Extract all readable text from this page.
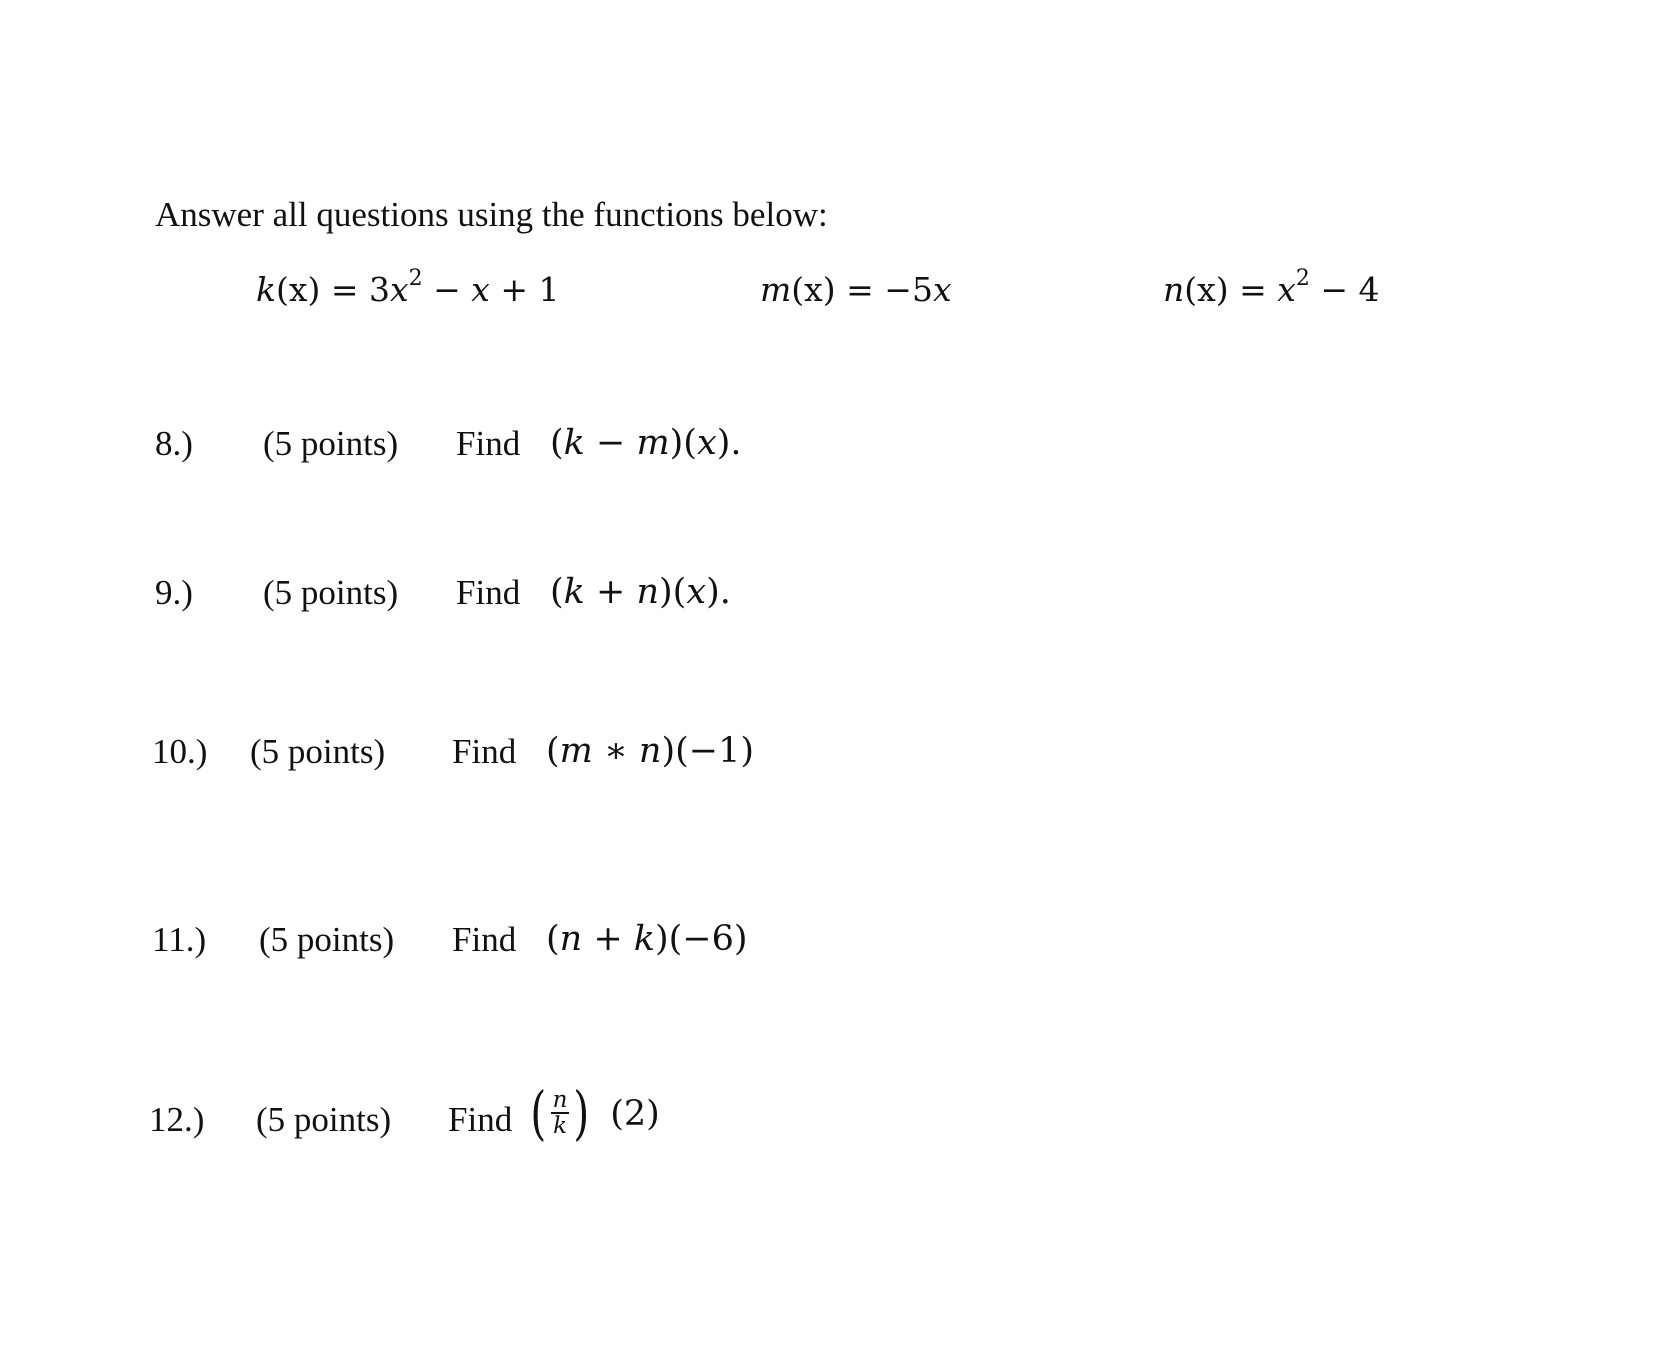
Answer all questions using the functions below:
$k(x) = 3x^2 - x + 1$	m(x) = −5x	$n(x) = x^2 - 4$
8.) (5 points) Find (k − m)(x).
9.) (5 points) Find (k + n)(x).
10.) (5 points) Find (m ∗ n)(−1)
11.) (5 points) Find (n + k)(−6)
12.) (5 points) Find ( $\frac{n}{k}$ ) (2)
